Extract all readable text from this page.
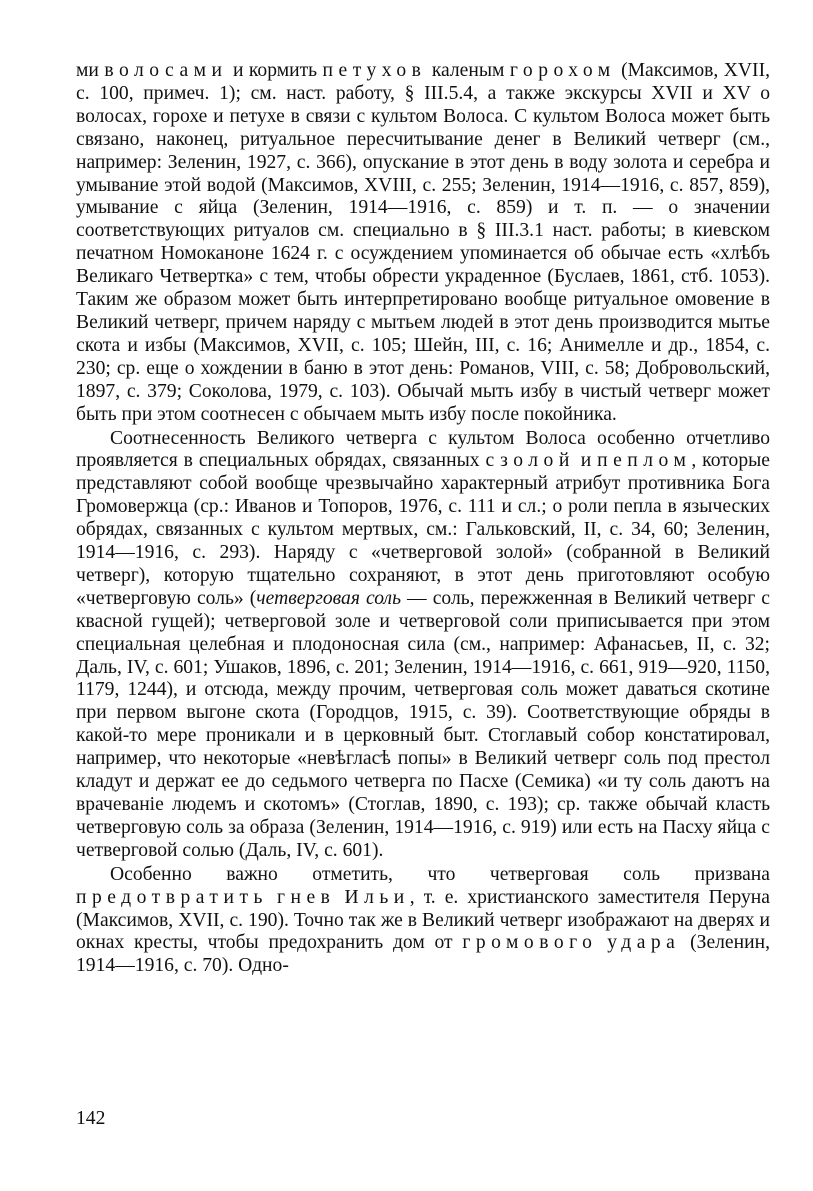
ми волосами и кормить петухов каленым горохом (Максимов, XVII, с. 100, примеч. 1); см. наст. работу, § III.5.4, а также экскурсы XVII и XV о волосах, горохе и петухе в связи с культом Волоса. С культом Волоса может быть связано, наконец, ритуальное пересчитывание денег в Великий четверг (см., например: Зеленин, 1927, с. 366), опускание в этот день в воду золота и серебра и умывание этой водой (Максимов, XVIII, с. 255; Зеленин, 1914—1916, с. 857, 859), умывание с яйца (Зеленин, 1914—1916, с. 859) и т. п. — о значении соответствующих ритуалов см. специально в § III.3.1 наст. работы; в киевском печатном Номоканоне 1624 г. с осуждением упоминается об обычае есть «хлѣбъ Великаго Четвертка» с тем, чтобы обрести украденное (Буслаев, 1861, стб. 1053). Таким же образом может быть интерпретировано вообще ритуальное омовение в Великий четверг, причем наряду с мытьем людей в этот день производится мытье скота и избы (Максимов, XVII, с. 105; Шейн, III, с. 16; Анимелле и др., 1854, с. 230; ср. еще о хождении в баню в этот день: Романов, VIII, с. 58; Добровольский, 1897, с. 379; Соколова, 1979, с. 103). Обычай мыть избу в чистый четверг может быть при этом соотнесен с обычаем мыть избу после покойника.

Соотнесенность Великого четверга с культом Волоса особенно отчетливо проявляется в специальных обрядах, связанных с золой и пеплом, которые представляют собой вообще чрезвычайно характерный атрибут противника Бога Громовержца (ср.: Иванов и Топоров, 1976, с. 111 и сл.; о роли пепла в языческих обрядах, связанных с культом мертвых, см.: Гальковский, II, с. 34, 60; Зеленин, 1914—1916, с. 293). Наряду с «четверговой золой» (собранной в Великий четверг), которую тщательно сохраняют, в этот день приготовляют особую «четверговую соль» (четверговая соль — соль, пережженная в Великий четверг с квасной гущей); четверговой золе и четверговой соли приписывается при этом специальная целебная и плодоносная сила (см., например: Афанасьев, II, с. 32; Даль, IV, с. 601; Ушаков, 1896, с. 201; Зеленин, 1914—1916, с. 661, 919—920, 1150, 1179, 1244), и отсюда, между прочим, четверговая соль может даваться скотине при первом выгоне скота (Городцов, 1915, с. 39). Соответствующие обряды в какой-то мере проникали и в церковный быт. Стоглавый собор констатировал, например, что некоторые «невѣгласѣ попы» в Великий четверг соль под престол кладут и держат ее до седьмого четверга по Пасхе (Семика) «и ту соль даютъ на врачеванiе людемъ и скотомъ» (Стоглав, 1890, с. 193); ср. также обычай класть четверговую соль за образа (Зеленин, 1914—1916, с. 919) или есть на Пасху яйца с четверговой солью (Даль, IV, с. 601).

Особенно важно отметить, что четверговая соль призвана предотвратить гнев Ильи, т. е. христианского заместителя Перуна (Максимов, XVII, с. 190). Точно так же в Великий четверг изображают на дверях и окнах кресты, чтобы предохранить дом от громового удара (Зеленин, 1914—1916, с. 70). Одно-

142
